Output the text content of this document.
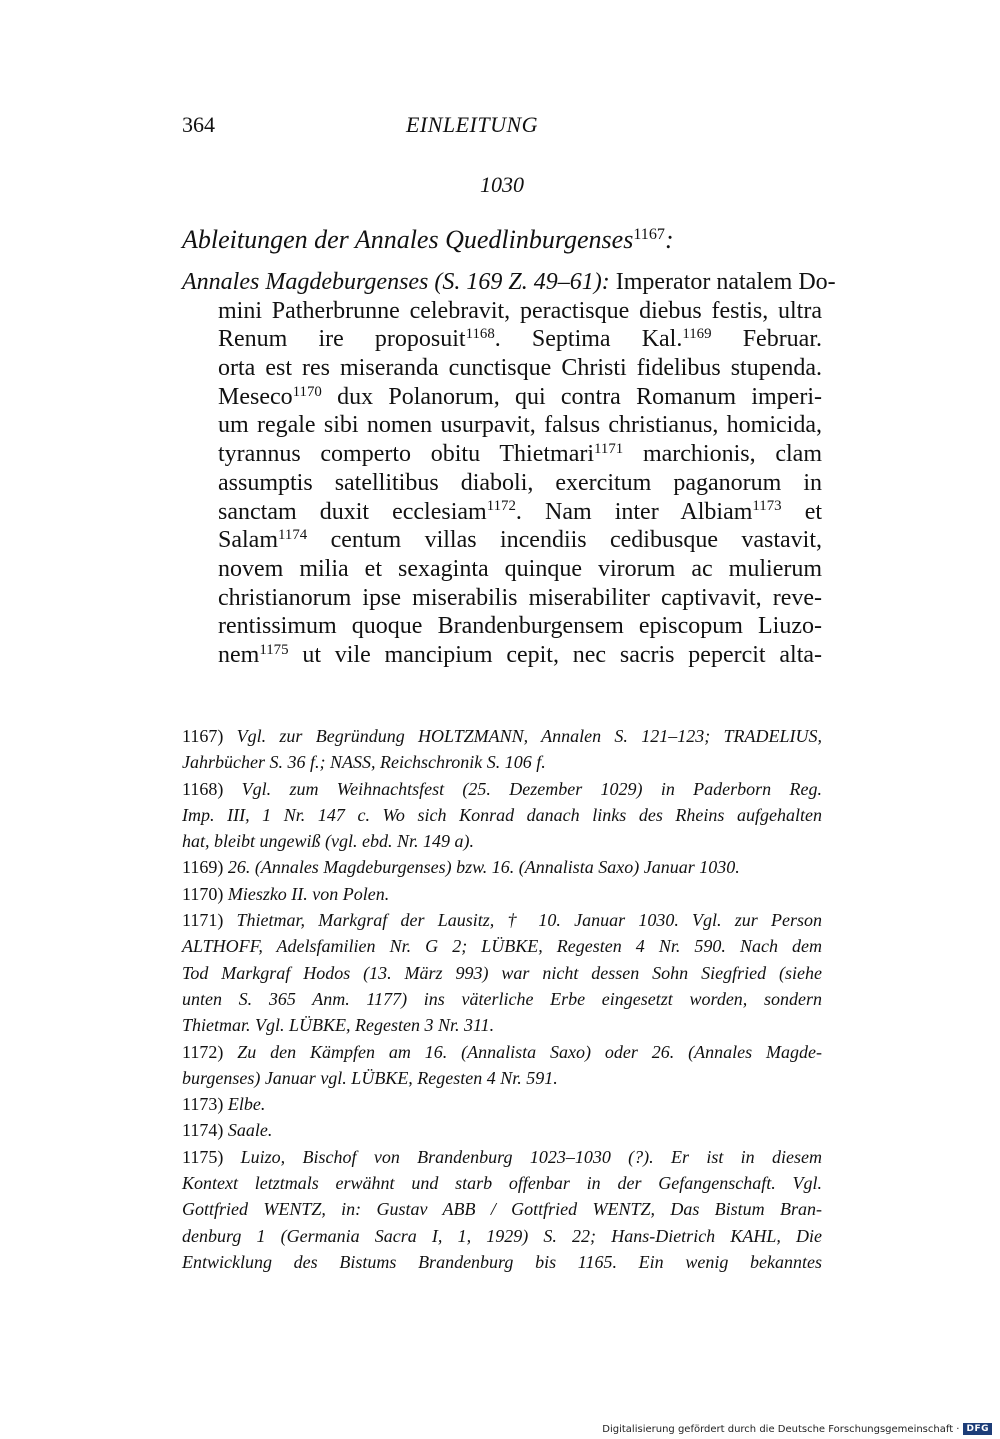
364	EINLEITUNG
1030
Ableitungen der Annales Quedlinburgenses$^{1167}$:
Annales Magdeburgenses (S. 169 Z. 49–61): Imperator natalem Do-
mini Patherbrunne celebravit, peractisque diebus festis, ultra
Renum ire proposuit$^{1168}$. Septima Kal.$^{1169}$ Februar.
orta est res miseranda cunctisque Christi fidelibus stupenda.
Meseco$^{1170}$ dux Polanorum, qui contra Romanum imperi-
um regale sibi nomen usurpavit, falsus christianus, homicida,
tyrannus comperto obitu Thietmari$^{1171}$ marchionis, clam
assumptis satellitibus diaboli, exercitum paganorum in
sanctam duxit ecclesiam$^{1172}$. Nam inter Albiam$^{1173}$ et
Salam$^{1174}$ centum villas incendiis cedibusque vastavit,
novem milia et sexaginta quinque virorum ac mulierum
christianorum ipse miserabilis miserabiliter captivavit, reve-
rentissimum quoque Brandenburgensem episcopum Liuzo-
nem$^{1175}$ ut vile mancipium cepit, nec sacris pepercit alta-
1167) Vgl. zur Begründung HOLTZMANN, Annalen S. 121–123; TRADELIUS,
Jahrbücher S. 36 f.; NASS, Reichschronik S. 106 f.
1168) Vgl. zum Weihnachtsfest (25. Dezember 1029) in Paderborn Reg.
Imp. III, 1 Nr. 147 c. Wo sich Konrad danach links des Rheins aufgehalten
hat, bleibt ungewiß (vgl. ebd. Nr. 149 a).
1169) 26. (Annales Magdeburgenses) bzw. 16. (Annalista Saxo) Januar 1030.
1170) Mieszko II. von Polen.
1171) Thietmar, Markgraf der Lausitz, † 10. Januar 1030. Vgl. zur Person
ALTHOFF, Adelsfamilien Nr. G 2; LÜBKE, Regesten 4 Nr. 590. Nach dem
Tod Markgraf Hodos (13. März 993) war nicht dessen Sohn Siegfried (siehe
unten S. 365 Anm. 1177) ins väterliche Erbe eingesetzt worden, sondern
Thietmar. Vgl. LÜBKE, Regesten 3 Nr. 311.
1172) Zu den Kämpfen am 16. (Annalista Saxo) oder 26. (Annales Magde-
burgenses) Januar vgl. LÜBKE, Regesten 4 Nr. 591.
1173) Elbe.
1174) Saale.
1175) Luizo, Bischof von Brandenburg 1023–1030 (?). Er ist in diesem
Kontext letztmals erwähnt und starb offenbar in der Gefangenschaft. Vgl.
Gottfried WENTZ, in: Gustav ABB / Gottfried WENTZ, Das Bistum Bran-
denburg 1 (Germania Sacra I, 1, 1929) S. 22; Hans-Dietrich KAHL, Die
Entwicklung des Bistums Brandenburg bis 1165. Ein wenig bekanntes
Digitalisierung gefördert durch die Deutsche Forschungsgemeinschaft · DFG
